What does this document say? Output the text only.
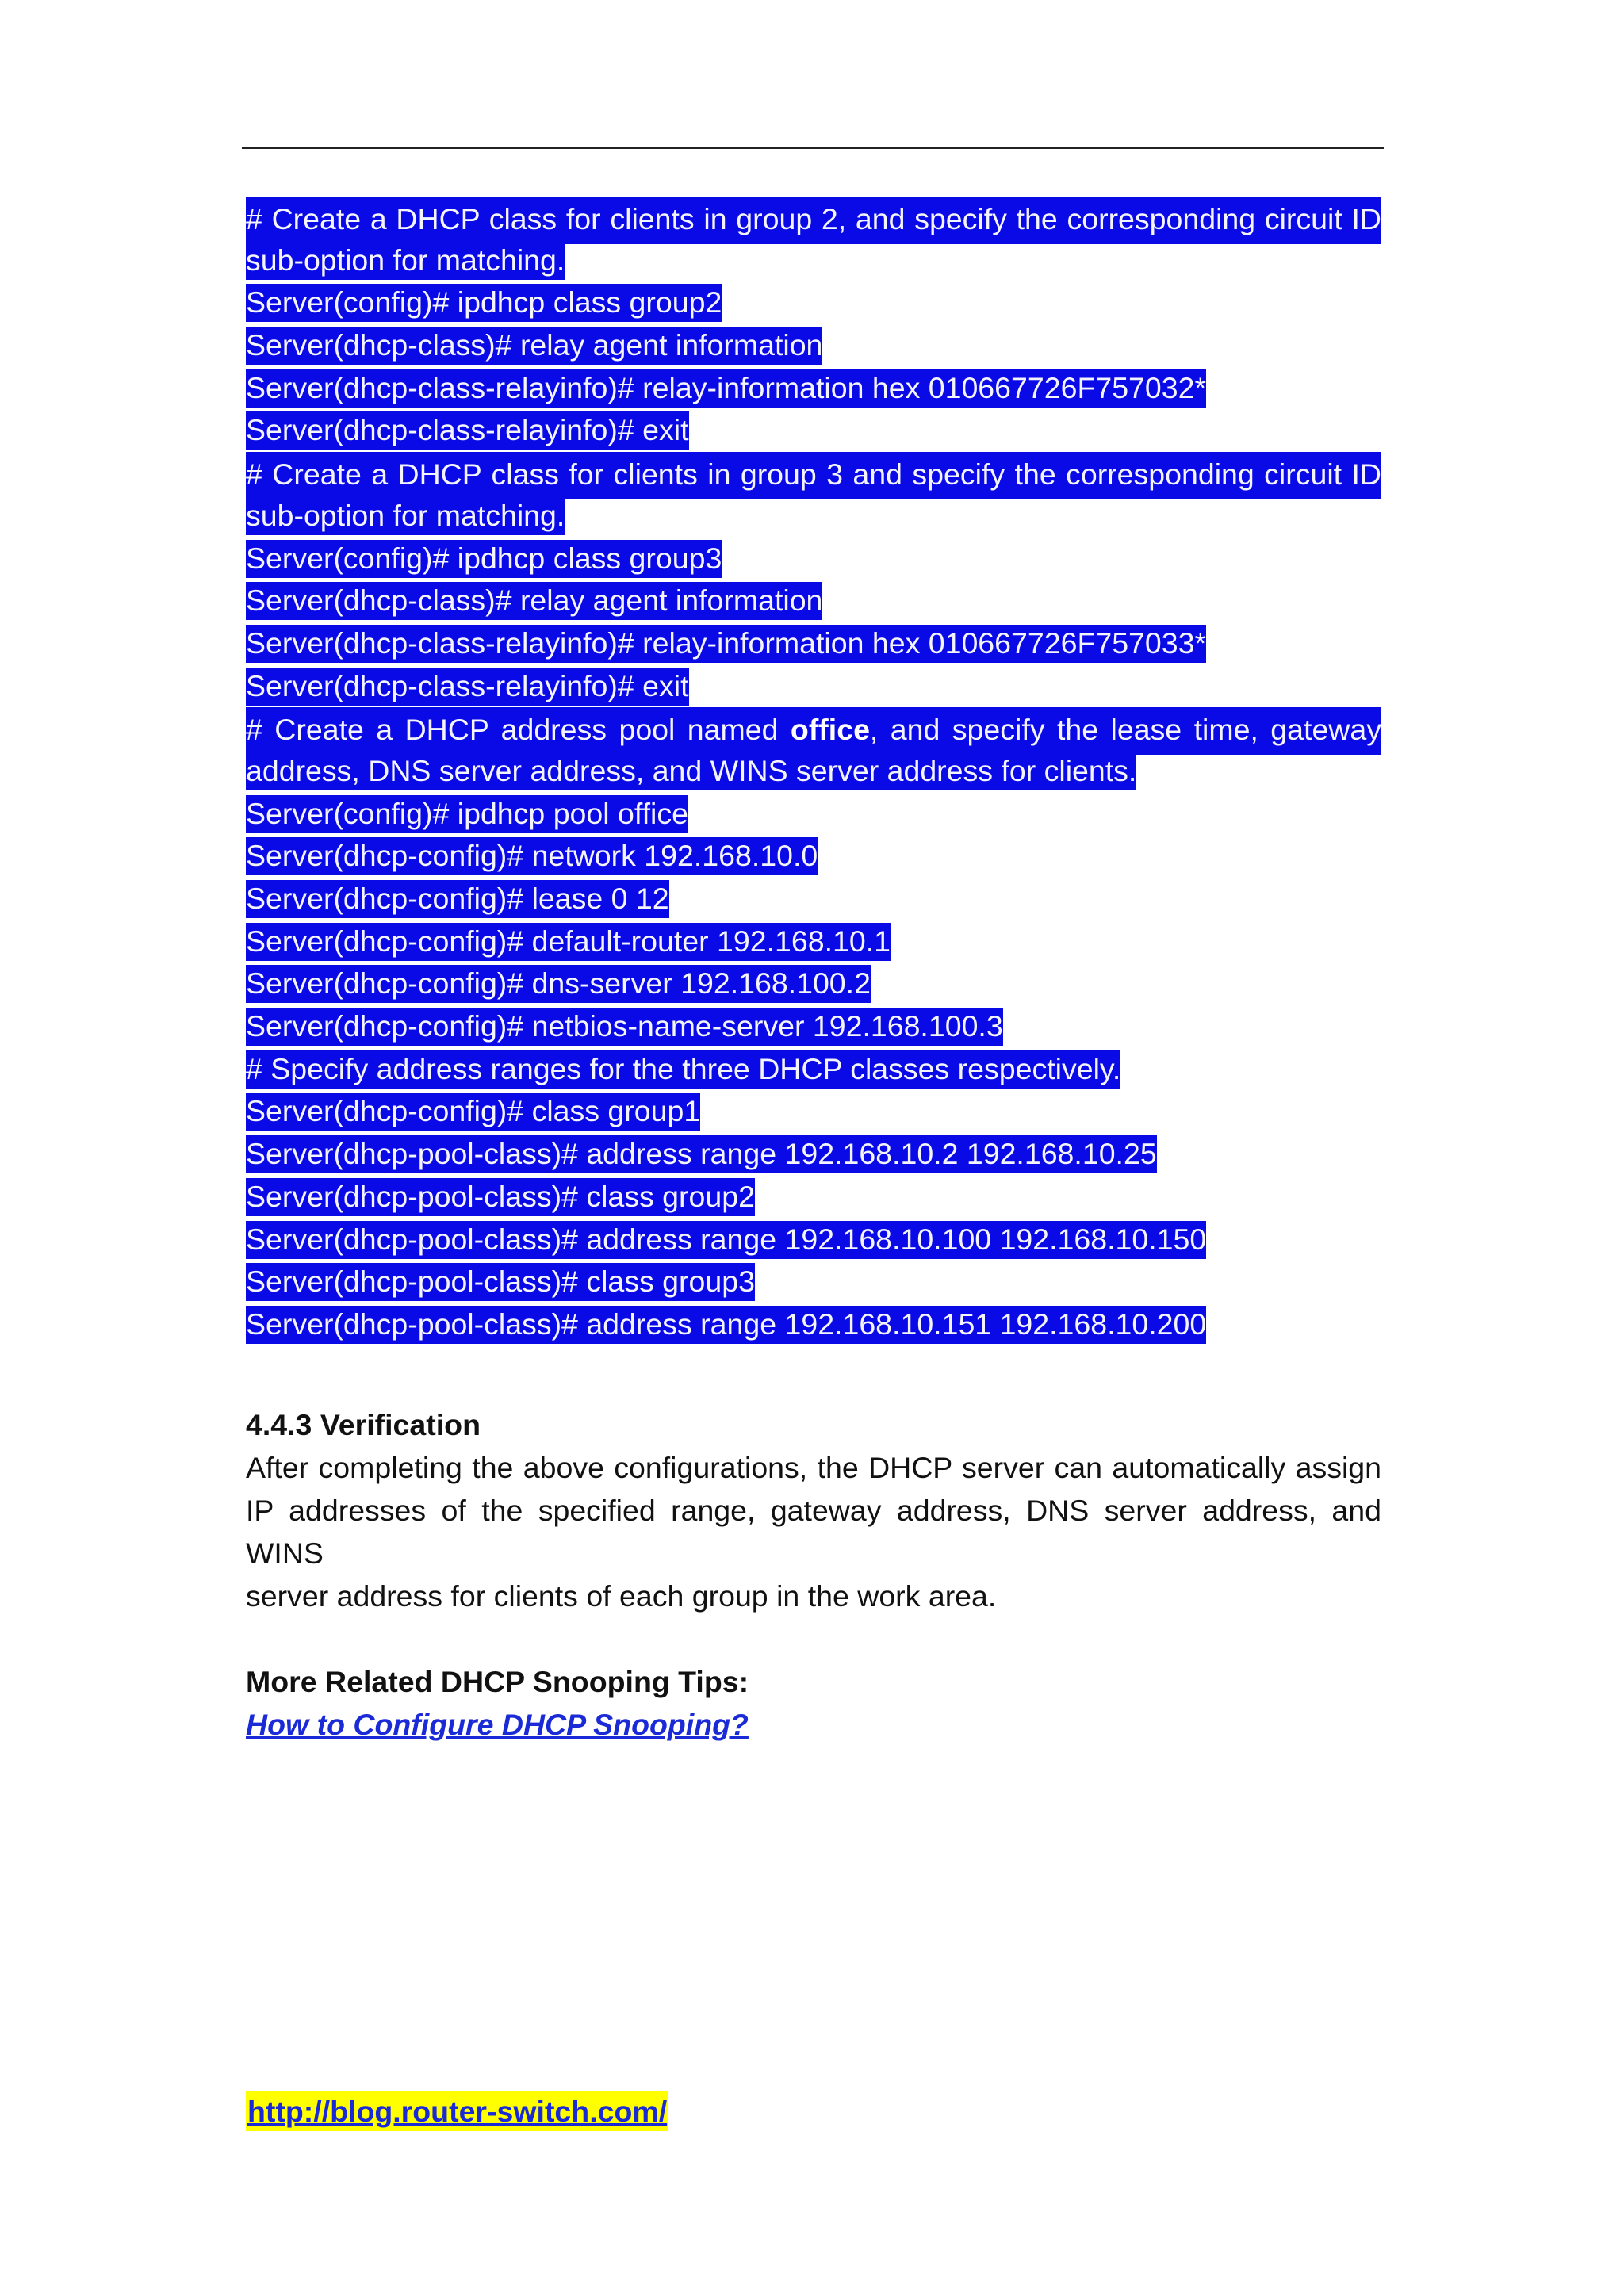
# Create a DHCP class for clients in group 2, and specify the corresponding circuit ID
sub-option for matching.
Server(config)# ipdhcp class group2
Server(dhcp-class)# relay agent information
Server(dhcp-class-relayinfo)# relay-information hex 010667726F757032*
Server(dhcp-class-relayinfo)# exit
# Create a DHCP class for clients in group 3 and specify the corresponding circuit ID
sub-option for matching.
Server(config)# ipdhcp class group3
Server(dhcp-class)# relay agent information
Server(dhcp-class-relayinfo)# relay-information hex 010667726F757033*
Server(dhcp-class-relayinfo)# exit
# Create a DHCP address pool named office, and specify the lease time, gateway
address, DNS server address, and WINS server address for clients.
Server(config)# ipdhcp pool office
Server(dhcp-config)# network 192.168.10.0
Server(dhcp-config)# lease 0 12
Server(dhcp-config)# default-router 192.168.10.1
Server(dhcp-config)# dns-server 192.168.100.2
Server(dhcp-config)# netbios-name-server 192.168.100.3
# Specify address ranges for the three DHCP classes respectively.
Server(dhcp-config)# class group1
Server(dhcp-pool-class)# address range 192.168.10.2 192.168.10.25
Server(dhcp-pool-class)# class group2
Server(dhcp-pool-class)# address range 192.168.10.100 192.168.10.150
Server(dhcp-pool-class)# class group3
Server(dhcp-pool-class)# address range 192.168.10.151 192.168.10.200
4.4.3 Verification
After completing the above configurations, the DHCP server can automatically assign
IP addresses of the specified range, gateway address, DNS server address, and WINS
server address for clients of each group in the work area.
More Related DHCP Snooping Tips:
How to Configure DHCP Snooping?
http://blog.router-switch.com/
